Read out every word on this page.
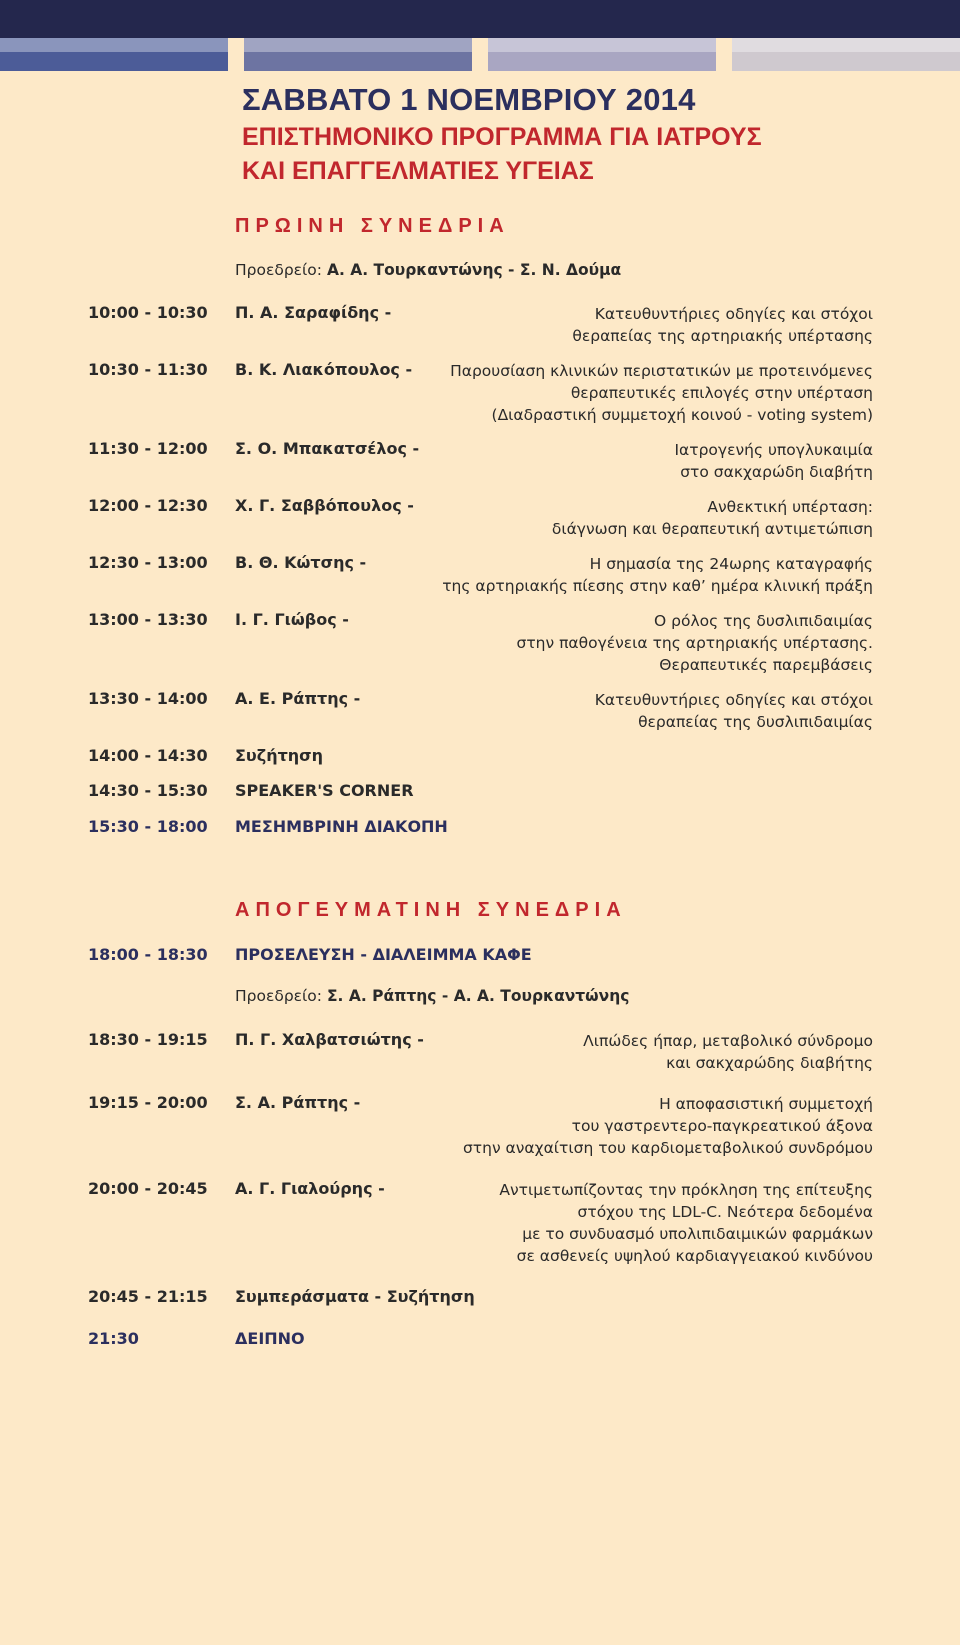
ΣΑΒΒΑΤΟ 1 ΝΟΕΜΒΡΙΟΥ 2014
ΕΠΙΣΤΗΜΟΝΙΚΟ ΠΡΟΓΡΑΜΜΑ ΓΙΑ ΙΑΤΡΟΥΣ
ΚΑΙ ΕΠΑΓΓΕΛΜΑΤΙΕΣ ΥΓΕΙΑΣ
ΠΡΩΙΝΗ ΣΥΝΕΔΡΙΑ
Προεδρείο: Α. Α. Τουρκαντώνης - Σ. Ν. Δούμα
10:00 - 10:30 Π. Α. Σαραφίδης -	Κατευθυντήριες οδηγίες και στόχοι
θεραπείας της αρτηριακής υπέρτασης
10:30 - 11:30 Β. Κ. Λιακόπουλος - Παρουσίαση κλινικών περιστατικών με προτεινόμενες
θεραπευτικές επιλογές στην υπέρταση
(Διαδραστική συμμετοχή κοινού - voting system)
11:30 - 12:00 Σ. Ο. Μπακατσέλος -	Ιατρογενής υπογλυκαιμία
στο σακχαρώδη διαβήτη
12:00 - 12:30 Χ. Γ. Σαββόπουλος -	Ανθεκτική υπέρταση:
διάγνωση και θεραπευτική αντιμετώπιση
12:30 - 13:00 Β. Θ. Κώτσης -	Η σημασία της 24ωρης καταγραφής
της αρτηριακής πίεσης στην καθ’ ημέρα κλινική πράξη
13:00 - 13:30 Ι. Γ. Γιώβος -	Ο ρόλος της δυσλιπιδαιμίας
στην παθογένεια της αρτηριακής υπέρτασης.
Θεραπευτικές παρεμβάσεις
13:30 - 14:00 Α. Ε. Ράπτης -	Κατευθυντήριες οδηγίες και στόχοι
θεραπείας της δυσλιπιδαιμίας
14:00 - 14:30 Συζήτηση
14:30 - 15:30 SPEAKER'S CORNER
15:30 - 18:00 ΜΕΣΗΜΒΡΙΝΗ ΔΙΑΚΟΠΗ
ΑΠΟΓΕΥΜΑΤΙΝΗ ΣΥΝΕΔΡΙΑ
18:00 - 18:30 ΠΡΟΣΕΛΕΥΣΗ - ΔΙΑΛΕΙΜΜΑ ΚΑΦΕ
Προεδρείο: Σ. Α. Ράπτης - Α. Α. Τουρκαντώνης
18:30 - 19:15 Π. Γ. Χαλβατσιώτης -	Λιπώδες ήπαρ, μεταβολικό σύνδρομο
και σακχαρώδης διαβήτης
19:15 - 20:00 Σ. Α. Ράπτης -	Η αποφασιστική συμμετοχή
του γαστρεντερο-παγκρεατικού άξονα
στην αναχαίτιση του καρδιομεταβολικού συνδρόμου
20:00 - 20:45 Α. Γ. Γιαλούρης -	Αντιμετωπίζοντας την πρόκληση της επίτευξης
στόχου της LDL-C. Νεότερα δεδομένα
με το συνδυασμό υπολιπιδαιμικών φαρμάκων
σε ασθενείς υψηλού καρδιαγγειακού κινδύνου
20:45 - 21:15 Συμπεράσματα - Συζήτηση
21:30	ΔΕΙΠΝΟ
